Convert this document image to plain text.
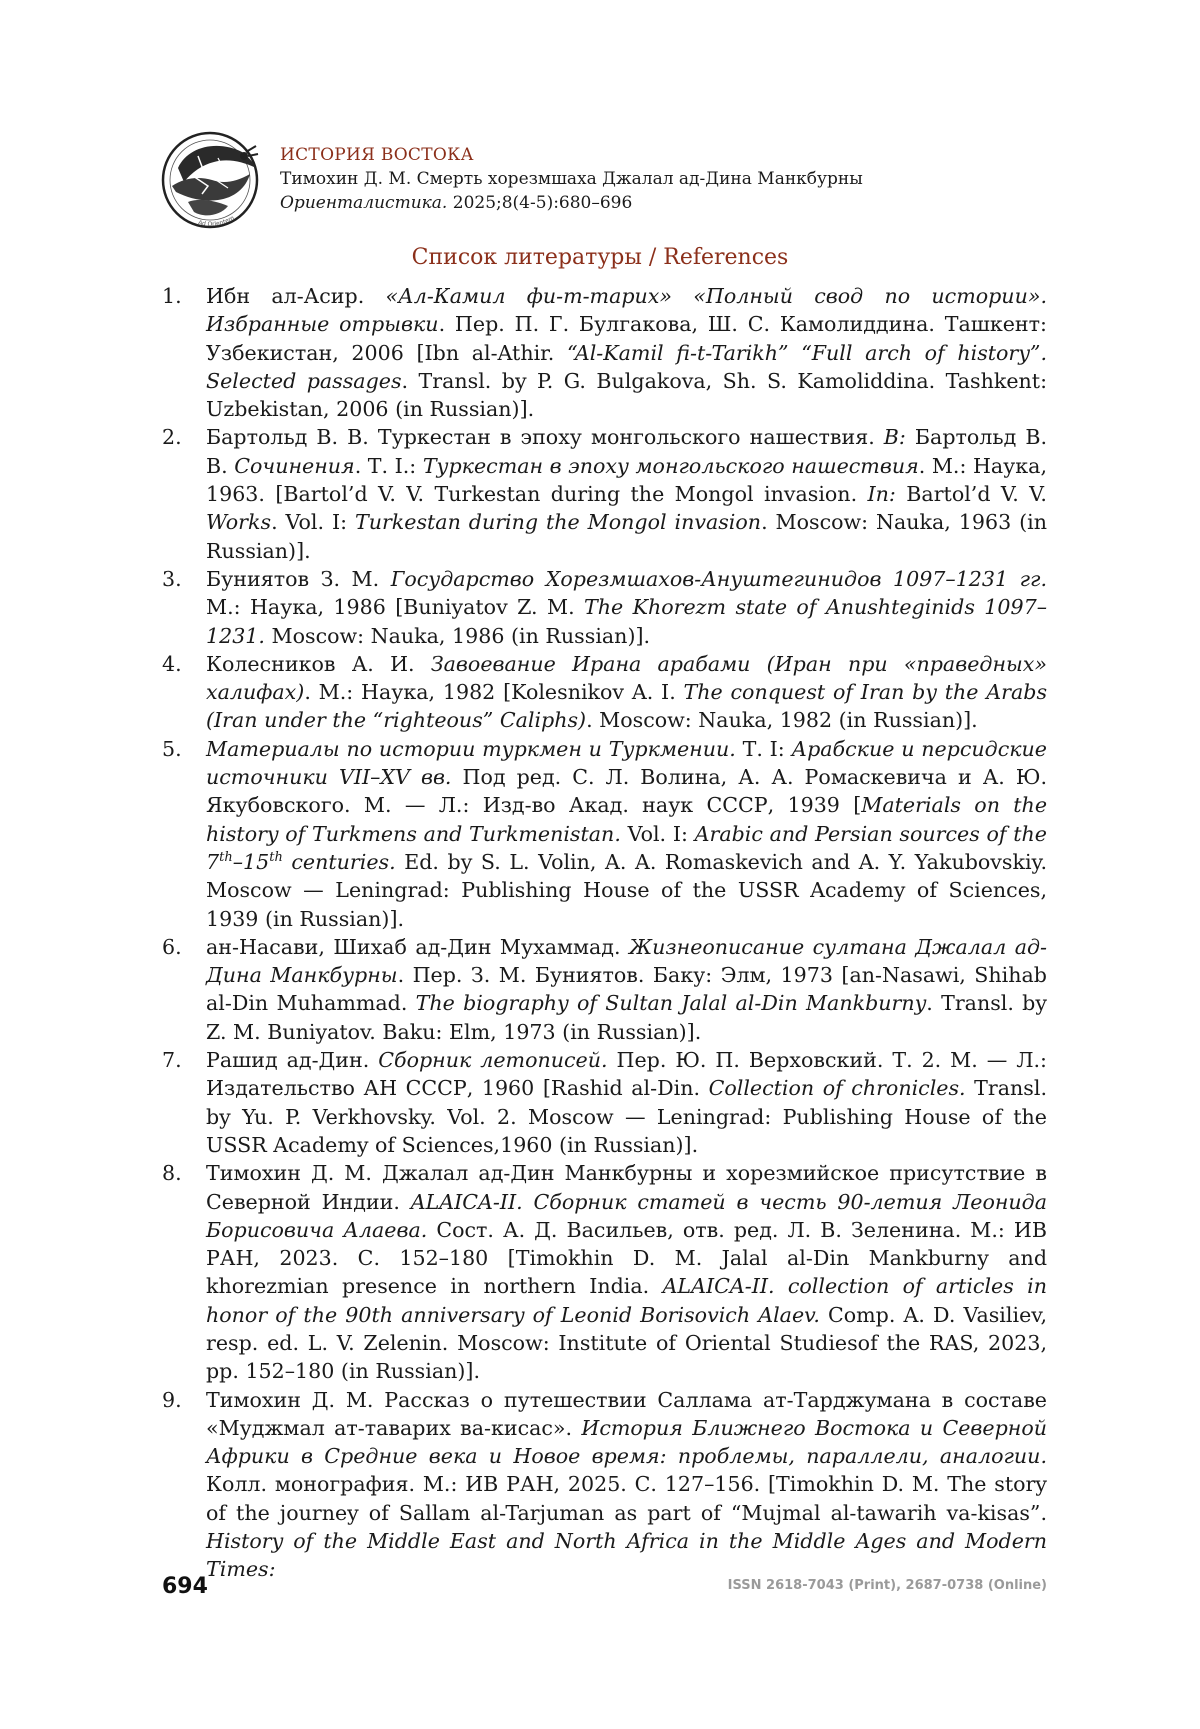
Ad Orientem
ИСТОРИЯ ВОСТОКА
Тимохин Д. М. Смерть хорезмшаха Джалал ад-Дина Манкбурны
Ориенталистика. 2025;8(4-5):680–696
Список литературы / References
1. Ибн ал-Асир. «Ал-Камил фи-т-тарих» «Полный свод по истории». Избранные отрывки. Пер. П. Г. Булгакова, Ш. С. Камолиддина. Ташкент: Узбекистан, 2006 [Ibn al-Athir. “Al-Kamil fi-t-Tarikh” “Full arch of history”. Selected passages. Transl. by P. G. Bulgakova, Sh. S. Kamoliddina. Tashkent: Uzbekistan, 2006 (in Russian)].
2. Бартольд В. В. Туркестан в эпоху монгольского нашествия. В: Бартольд В. В. Сочинения. Т. I.: Туркестан в эпоху монгольского нашествия. М.: Наука, 1963. [Bartol’d V. V. Turkestan during the Mongol invasion. In: Bartol’d V. V. Works. Vol. I: Turkestan during the Mongol invasion. Moscow: Nauka, 1963 (in Russian)].
3. Буниятов З. М. Государство Хорезмшахов-Ануштегинидов 1097–1231 гг. М.: Наука, 1986 [Buniyatov Z. M. The Khorezm state of Anushteginids 1097–1231. Moscow: Nauka, 1986 (in Russian)].
4. Колесников А. И. Завоевание Ирана арабами (Иран при «праведных» халифах). М.: Наука, 1982 [Kolesnikov A. I. The conquest of Iran by the Arabs (Iran under the “righteous” Caliphs). Moscow: Nauka, 1982 (in Russian)].
5. Материалы по истории туркмен и Туркмении. Т. I: Арабские и персидские источники VII–XV вв. Под ред. С. Л. Волина, А. А. Ромаскевича и А. Ю. Якубовского. М. — Л.: Изд-во Акад. наук СССР, 1939 [Materials on the history of Turkmens and Turkmenistan. Vol. I: Arabic and Persian sources of the 7th–15th centuries. Ed. by S. L. Volin, A. A. Romaskevich and A. Y. Yakubovskiy. Moscow — Leningrad: Publishing House of the USSR Academy of Sciences, 1939 (in Russian)].
6. ан-Насави, Шихаб ад-Дин Мухаммад. Жизнеописание султана Джалал ад-Дина Манкбурны. Пер. З. М. Буниятов. Баку: Элм, 1973 [an-Nasawi, Shihab al-Din Muhammad. The biography of Sultan Jalal al-Din Mankburny. Transl. by Z. M. Buniyatov. Baku: Elm, 1973 (in Russian)].
7. Рашид ад-Дин. Сборник летописей. Пер. Ю. П. Верховский. Т. 2. М. — Л.: Издательство АН СССР, 1960 [Rashid al-Din. Collection of chronicles. Transl. by Yu. P. Verkhovsky. Vol. 2. Moscow — Leningrad: Publishing House of the USSR Academy of Sciences,1960 (in Russian)].
8. Тимохин Д. М. Джалал ад-Дин Манкбурны и хорезмийское присутствие в Северной Индии. ALAICA-II. Сборник статей в честь 90-летия Леонида Борисовича Алаева. Сост. А. Д. Васильев, отв. ред. Л. В. Зеленина. М.: ИВ РАН, 2023. С. 152–180 [Timokhin D. M. Jalal al-Din Mankburny and khorezmian presence in northern India. ALAICA-II. collection of articles in honor of the 90th anniversary of Leonid Borisovich Alaev. Comp. A. D. Vasiliev, resp. ed. L. V. Zelenin. Moscow: Institute of Oriental Studiesof the RAS, 2023, pp. 152–180 (in Russian)].
9. Тимохин Д. М. Рассказ о путешествии Саллама ат-Тарджумана в составе «Муджмал ат-таварих ва-кисас». История Ближнего Востока и Северной Африки в Средние века и Новое время: проблемы, параллели, аналогии. Колл. монография. М.: ИВ РАН, 2025. С. 127–156. [Timokhin D. M. The story of the journey of Sallam al-Tarjuman as part of “Mujmal al-tawarih va-kisas”. History of the Middle East and North Africa in the Middle Ages and Modern Times:
694	ISSN 2618-7043 (Print), 2687-0738 (Online)
